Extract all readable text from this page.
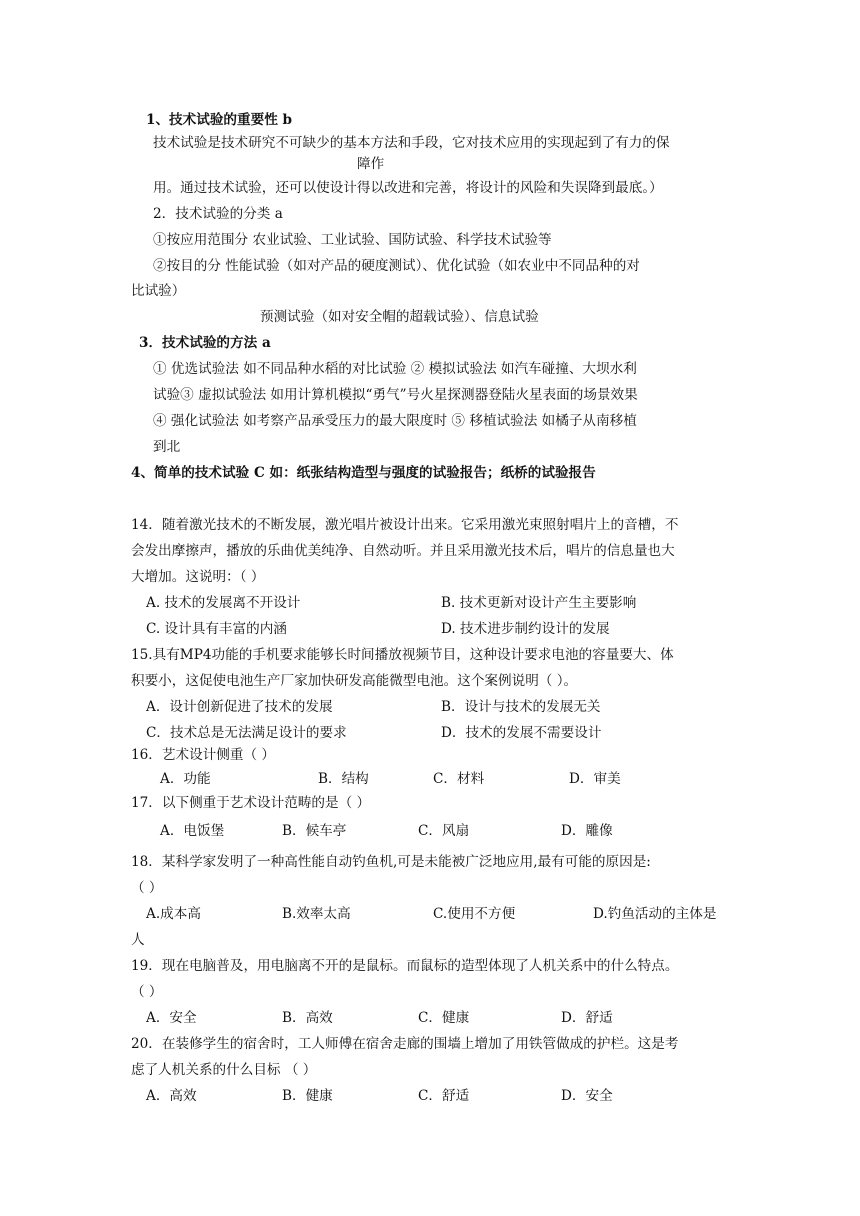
1、技术试验的重要性 b
技术试验是技术研究不可缺少的基本方法和手段，它对技术应用的实现起到了有力的保
障作
用。通过技术试验，还可以使设计得以改进和完善，将设计的风险和失误降到最底。）
2．技术试验的分类 a
①按应用范围分 农业试验、工业试验、国防试验、科学技术试验等
②按目的分 性能试验（如对产品的硬度测试）、优化试验（如农业中不同品种的对
比试验）
预测试验（如对安全帽的超载试验）、信息试验
3．技术试验的方法 a
① 优选试验法 如不同品种水稻的对比试验 ② 模拟试验法 如汽车碰撞、大坝水利
试验③ 虚拟试验法 如用计算机模拟“勇气”号火星探测器登陆火星表面的场景效果
④ 强化试验法 如考察产品承受压力的最大限度时 ⑤ 移植试验法 如橘子从南移植
到北
4、简单的技术试验 C 如：纸张结构造型与强度的试验报告；纸桥的试验报告
14．随着激光技术的不断发展，激光唱片被设计出来。它采用激光束照射唱片上的音槽，不
会发出摩擦声，播放的乐曲优美纯净、自然动听。并且采用激光技术后，唱片的信息量也大
大增加。这说明：（ ）
A. 技术的发展离不开设计	B. 技术更新对设计产生主要影响
C. 设计具有丰富的内涵	D. 技术进步制约设计的发展
15.具有MP4功能的手机要求能够长时间播放视频节目，这种设计要求电池的容量要大、体
积要小，这促使电池生产厂家加快研发高能微型电池。这个案例说明（ ）。
A．设计创新促进了技术的发展	B．设计与技术的发展无关
C．技术总是无法满足设计的要求	D．技术的发展不需要设计
16．艺术设计侧重（ ）
A．功能	B．结构	C．材料	D．审美
17．以下侧重于艺术设计范畴的是（ ）
A．电饭堡	B．候车亭	C．风扇	D．雕像
18．某科学家发明了一种高性能自动钓鱼机,可是未能被广泛地应用,最有可能的原因是:
（ ）
A.成本高	B.效率太高	C.使用不方便	D.钓鱼活动的主体是
人
19．现在电脑普及，用电脑离不开的是鼠标。而鼠标的造型体现了人机关系中的什么特点。
（ ）
A．安全	B．高效	C．健康	D．舒适
20．在装修学生的宿舍时，工人师傅在宿舍走廊的围墙上增加了用铁管做成的护栏。这是考
虑了人机关系的什么目标 （ ）
A．高效	B．健康	C．舒适	D．安全
